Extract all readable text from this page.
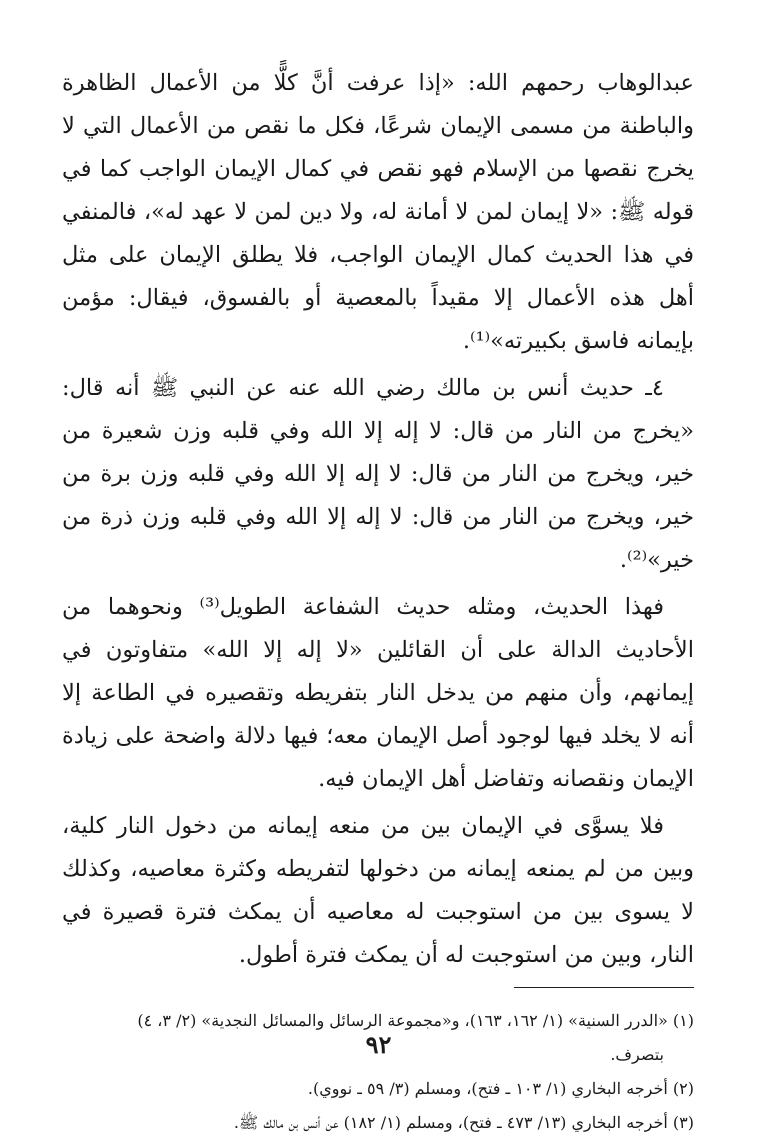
عبدالوهاب رحمهم الله: «إذا عرفت أنَّ كلًّا من الأعمال الظاهرة والباطنة من مسمى الإيمان شرعًا، فكل ما نقص من الأعمال التي لا يخرج نقصها من الإسلام فهو نقص في كمال الإيمان الواجب كما في قوله ﷺ: «لا إيمان لمن لا أمانة له، ولا دين لمن لا عهد له»، فالمنفي في هذا الحديث كمال الإيمان الواجب، فلا يطلق الإيمان على مثل أهل هذه الأعمال إلا مقيداً بالمعصية أو بالفسوق، فيقال: مؤمن بإيمانه فاسق بكبيرته»⁽¹⁾.

٤ـ حديث أنس بن مالك رضي الله عنه عن النبي ﷺ أنه قال: «يخرج من النار من قال: لا إله إلا الله وفي قلبه وزن شعيرة من خير، ويخرج من النار من قال: لا إله إلا الله وفي قلبه وزن برة من خير، ويخرج من النار من قال: لا إله إلا الله وفي قلبه وزن ذرة من خير»⁽²⁾.

فهذا الحديث، ومثله حديث الشفاعة الطويل⁽³⁾ ونحوهما من الأحاديث الدالة على أن القائلين «لا إله إلا الله» متفاوتون في إيمانهم، وأن منهم من يدخل النار بتفريطه وتقصيره في الطاعة إلا أنه لا يخلد فيها لوجود أصل الإيمان معه؛ فيها دلالة واضحة على زيادة الإيمان ونقصانه وتفاضل أهل الإيمان فيه.

فلا يسوَّى في الإيمان بين من منعه إيمانه من دخول النار كلية، وبين من لم يمنعه إيمانه من دخولها لتفريطه وكثرة معاصيه، وكذلك لا يسوى بين من استوجبت له معاصيه أن يمكث فترة قصيرة في النار، وبين من استوجبت له أن يمكث فترة أطول.

(١) «الدرر السنية» (١/ ١٦٢، ١٦٣)، و«مجموعة الرسائل والمسائل النجدية» (٢/ ٣، ٤)

بتصرف.

(٢) أخرجه البخاري (١/ ١٠٣ ـ فتح)، ومسلم (٣/ ٥٩ ـ نووي).

(٣) أخرجه البخاري (١٣/ ٤٧٣ ـ فتح)، ومسلم (١/ ١٨٢) عن أنس بن مالك ﷺ.

٩٢
